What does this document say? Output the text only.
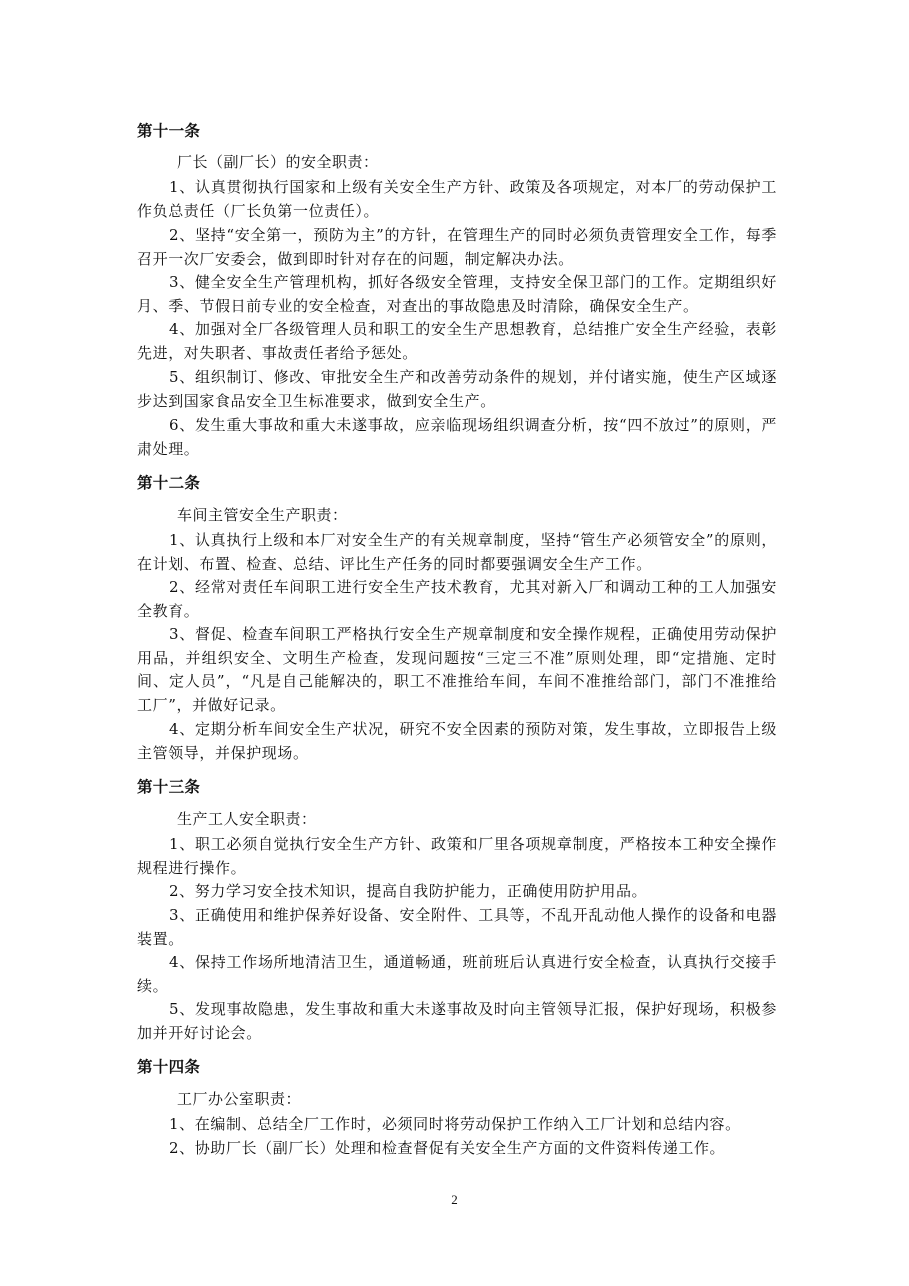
第十一条
厂长（副厂长）的安全职责：

1、认真贯彻执行国家和上级有关安全生产方针、政策及各项规定，对本厂的劳动保护工作负总责任（厂长负第一位责任）。

2、坚持“安全第一，预防为主”的方针，在管理生产的同时必须负责管理安全工作，每季召开一次厂安委会，做到即时针对存在的问题，制定解决办法。

3、健全安全生产管理机构，抓好各级安全管理，支持安全保卫部门的工作。定期组织好月、季、节假日前专业的安全检查，对查出的事故隐患及时清除，确保安全生产。

4、加强对全厂各级管理人员和职工的安全生产思想教育，总结推广安全生产经验，表彰先进，对失职者、事故责任者给予惩处。

5、组织制订、修改、审批安全生产和改善劳动条件的规划，并付诸实施，使生产区域逐步达到国家食品安全卫生标准要求，做到安全生产。

6、发生重大事故和重大未遂事故，应亲临现场组织调查分析，按“四不放过”的原则，严肃处理。

第十二条
车间主管安全生产职责：

1、认真执行上级和本厂对安全生产的有关规章制度，坚持“管生产必须管安全”的原则，在计划、布置、检查、总结、评比生产任务的同时都要强调安全生产工作。

2、经常对责任车间职工进行安全生产技术教育，尤其对新入厂和调动工种的工人加强安全教育。

3、督促、检查车间职工严格执行安全生产规章制度和安全操作规程，正确使用劳动保护用品，并组织安全、文明生产检查，发现问题按“三定三不准”原则处理，即“定措施、定时间、定人员”，“凡是自己能解决的，职工不准推给车间，车间不准推给部门，部门不准推给工厂”，并做好记录。

4、定期分析车间安全生产状况，研究不安全因素的预防对策，发生事故，立即报告上级主管领导，并保护现场。

第十三条
生产工人安全职责：

1、职工必须自觉执行安全生产方针、政策和厂里各项规章制度，严格按本工种安全操作规程进行操作。

2、努力学习安全技术知识，提高自我防护能力，正确使用防护用品。

3、正确使用和维护保养好设备、安全附件、工具等，不乱开乱动他人操作的设备和电器装置。

4、保持工作场所地清洁卫生，通道畅通，班前班后认真进行安全检查，认真执行交接手续。

5、发现事故隐患，发生事故和重大未遂事故及时向主管领导汇报，保护好现场，积极参加并开好讨论会。

第十四条
工厂办公室职责：

1、在编制、总结全厂工作时，必须同时将劳动保护工作纳入工厂计划和总结内容。

2、协助厂长（副厂长）处理和检查督促有关安全生产方面的文件资料传递工作。

2
